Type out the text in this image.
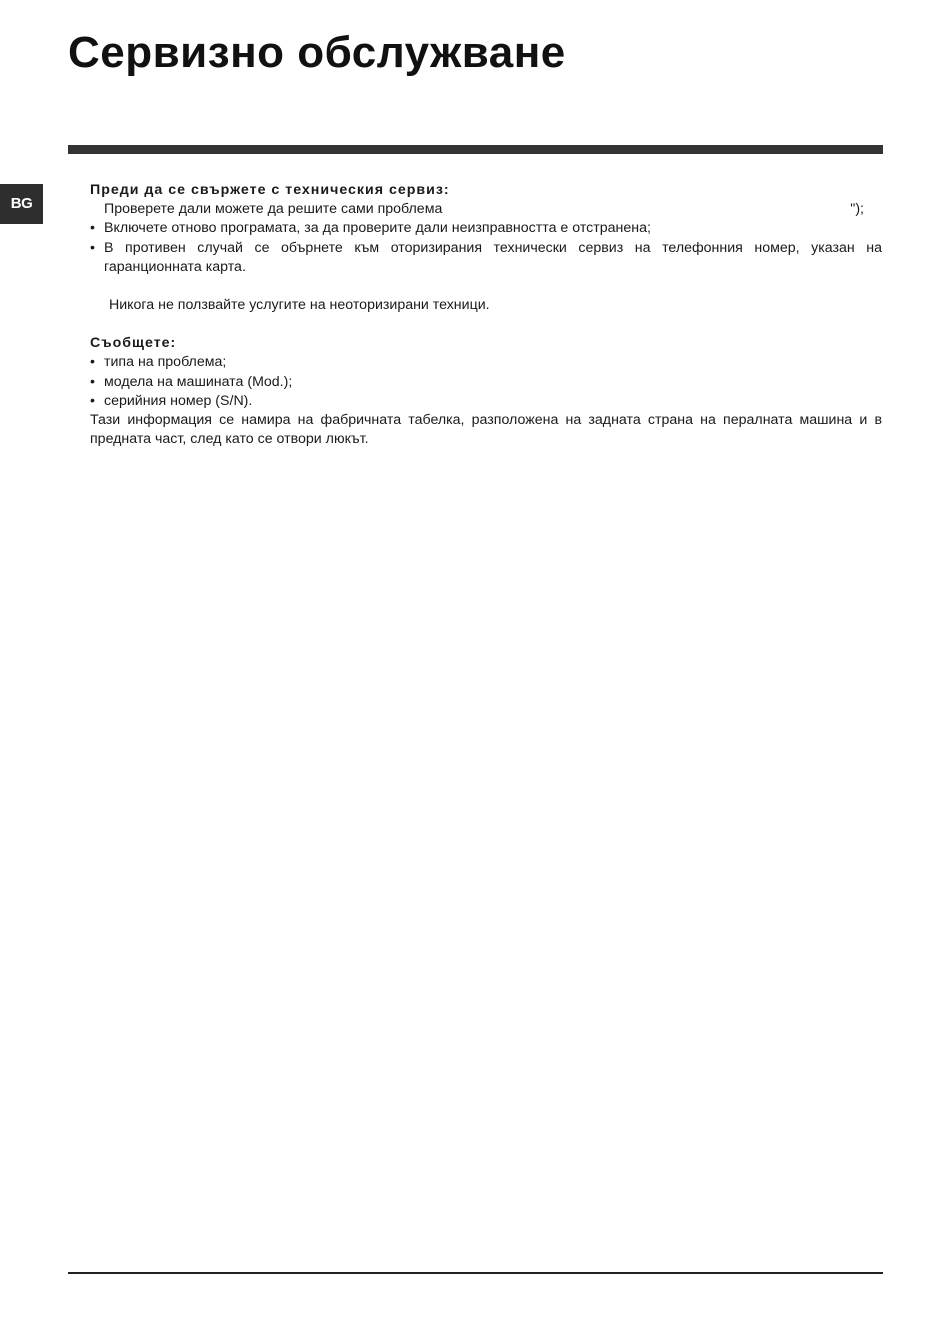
Сервизно обслужване
BG
Преди да се свържете с техническия сервиз:
Проверете дали можете да решите сами проблема	");
• Включете отново програмата, за да проверите дали неизправността е отстранена;
• В противен случай се обърнете към оторизирания технически сервиз на телефонния номер, указан на гаранционната карта.
Никога не ползвайте услугите на неоторизирани техници.
Съобщете:
• типа на проблема;
• модела на машината (Mod.);
• серийния номер (S/N).
Тази информация се намира на фабричната табелка, разположена на задната страна на пералната машина и в предната част, след като се отвори люкът.
